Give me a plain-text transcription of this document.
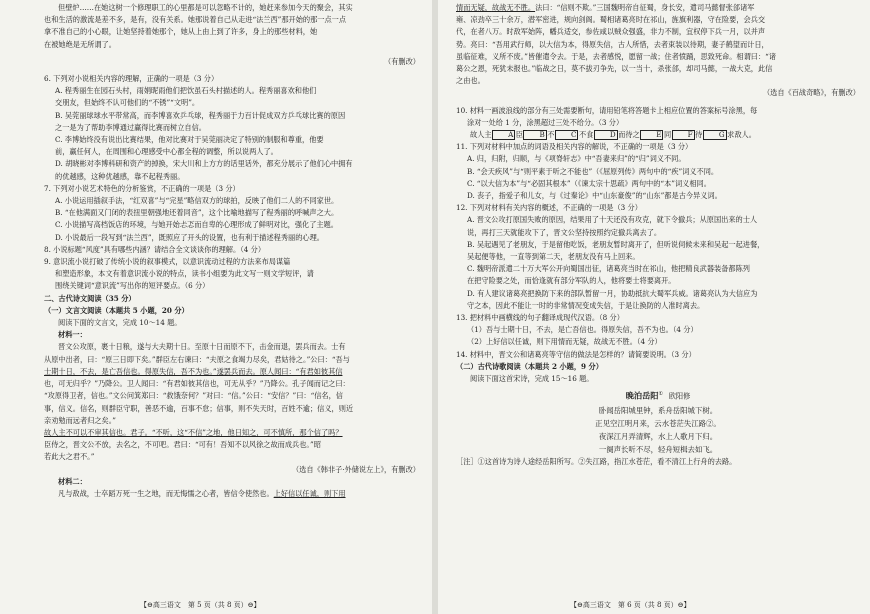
但壁炉……在她这树一个修理职工的心里都是可以忽略不计的，她赶来参加今天的聚会，其实

也和生活的激流是差不多，是有，没有关系。她那说着自己从走进“法兰西”那开始的那一点一点

拿不准自己的小心眼，让她坚持着她那个，她从上由上到了许多，身上的那些材料，她

在被她绝是无所谓了。

（有删改）

6. 下列对小说相关内容的理解，正确的一项是（3 分）

A. 程秀丽生在园石头村，雨娟昵雨他们把饮虽石头村描述的人。程秀丽喜欢和他们

交朋友，但始终不认可他们的“不锈”“文明”。

B. 吴莞丽球球水平带常高，而李博喜欢乒乓球，程秀丽于力百计促成双方乒乓球比赛的原因

之一是为了帮助李博通过赢得比赛而树立自信。

C. 李博始终没有说出比赛结果，他对比赛对于吴莞丽决定了特别的制服和尊重，他要

前，赢任何人，在周围和心理感受中心都全程的调整，所以说两人了。

D. 胡晓彬对李博科研和资产的掉换，宋大川和上方方的话里话外，都充分展示了他们心中拥有

的优越感，这种优越感，靠不起程秀丽。

7. 下列对小说艺术特色的分析鉴赏，不正确的一项是（3 分）

A. 小说运用插叙手法，“红双喜”与“完星”略信双方的球拍，反映了他们二人的不同家世。

B. “在他满面又门闭的表扭里朝强地还着同音”，这个比喻地描写了程秀丽的呼喊声之大。

C. 小说描写高档饭店的环境，与她开始忐忑而自卑的心理形成了鲜明对比，强化了主题。

D. 小说最后一段写到“法兰西”，既照应了开头的设置，也有利于描述程秀丽的心理。

8. 小说标题“风度”具有哪些内涵？请结合全文谈谈你的理解。（4 分）

9. 意识流小说打破了传统小说的叙事模式，以意识流动过程的方法来布局谋篇

和塑造形象，本文有着意识流小说的特点，读书小组要为此文写一则文学短评，请

围绕关键词“意识流”写出你的短评要点。（6 分）

二、古代诗文阅读（35 分）

（一）文言文阅读（本题共 5 小题，20 分）

阅读下面的文言文，完成 10～14 题。

材料一：

晋文公攻原，裹十日粮，遂与大夫期十日。至原十日而原不下，击金而退，罢兵而去。士有

从原中出者，曰：“原三日即下矣。”群臣左右谏曰：“夫原之食竭力尽矣，君姑待之。”公曰：“吾与

士期十日，不去，是亡吾信也。得原失信，吾不为也。”遂罢兵而去。原人闻曰：“有君如彼其信

也，可无归乎？”乃降公。卫人闻曰：“有君如彼其信也，可无从乎？”乃降公。孔子闻而记之曰：

“攻原得卫者，信也。”文公问箕郑曰：“救饿奈何？”对曰：“信。”公曰：“安信？”曰：“信名，信

事，信义。信名，则群臣守职，善恶不逾，百事不怠；信事，则不失天时，百姓不逾；信义，则近

亲劝勉而远者归之矣。”

故人主不可以不审其信也。君子。“不听，这“不信”之地，他日知之，可不慎所，那个信了吗？

臣侍之，晋文公不放，去名之，不可吧。君曰：“可有！吾知不以风徐之故而成兵也。”昭

若此大之君不。”

（选自《韩非子·外储说左上》，有删改）

材料二：

凡与敌战，士卒蹈万死一生之地，而无悔懦之心者，皆信令使然也。上好信以任诚，则下用

【⊖高三语文　第 5 页（共 8 页）⊖】

情而无疑，故战无不胜。法曰：“信则不欺。”三国魏明帝自征蜀，身长安，遣司马懿督张郃诸军

雍、凉劲卒三十余万，潜军密进，规向剑阁。蜀相诸葛亮时在祁山，旌旗利器，守在险要，会兵交

代，在者八万。时敌军始阵，幡兵适交，参佐咸以贼众强盛，非力不制，宜权停下兵一月，以并声

势。亮曰：“吾用武行师，以大信为本，得原失信，古人所惜，去者束装以待期，妻子鹤望而计日，

虽临征难，义所不废。”皆催遣令去。于是，去者感悦，愿留一战；住者愤踊，思致死命。相谓曰：“诸

葛公之恩，死犹未报也。”临战之日，莫不拔刃争先，以一当十，杀张郃，却司马懿，一战大克，此信

之由也。

（选自《百战奇略》，有删改）

10. 材料一画波浪线的部分有三处需要断句，请用铅笔将答题卡上相应位置的答案标号涂黑，每

涂对一处给 1 分，涂黑超过三处不给分。（3 分）

故人主 A 臣 B 不 C 不食 D 而待之 E 同 F 待 G 求敌人。

11. 下列对材料中加点的词语及相关内容的解说，不正确的一项是（3 分）

A. 归，归附，归顺，与《项脊轩志》中“吾妻来归”的“归”词义不同。

B. “会天疾风”与“则平素于听之不能也”（《屈原列传》两句中的“疾”词义不同。

C. “以大信为本”与“必固其根本”（《谏太宗十思疏》两句中的“本”词义相同。

D. 丧子，指爱子和儿女，与《过秦论》中“山东豪俊”的“山东”都是古今异义词。

12. 下列对材料有关内容的概述，不正确的一项是（3 分）

A. 晋文公攻打原国失败的原因，结果用了十天还没有攻克，就下令撤兵；从原国出来的士人

说，再打三天就能攻下了，晋文公坚持按照约定撤兵离去了。

B. 吴起遇见了老朋友，于是留他吃饭，老朋友暂时离开了，但听说伺候未来和吴起一起进餐，

吴起便等他，一直等到第二天，老朋友没有马上回来。

C. 魏明帝派遣二十万大军公开向蜀国出征，诸葛亮当时在祁山，他把精良武器装备都陈列

在把守险要之处，而恰逢就有部分军队的人，他将要士将要离开。

D. 有人建议诸葛亮把换防下来的部队暂留一月，协助抵抗大蜀军兵威。诸葛亮认为大信应为

守之本，因此不能让一时的非常情况变成失信，于是让换防的人准时离去。

13. 把材料中画横线的句子翻译成现代汉语。（8 分）

（1）吾与士期十日，不去，是亡吾信也。得原失信，吾不为也。（4 分）

（2）上好信以任诚，则下用情而无疑，故战无不胜。（4 分）

14. 材料中，晋文公和诸葛亮等守信的做法是怎样的？请简要说明。（3 分）

（二）古代诗歌阅读（本题共 2 小题，9 分）

阅读下面这首宋诗，完成 15～16 题。

晚泊岳阳① 欧阳修

卧闻岳阳城里钟，系舟岳阳城下树。

正见空江明月来，云水苍茫失江路②。

夜深江月弄清辉，水上人歌月下归。

一阕声长听不尽，轻舟短楫去如飞。

［注］①这首诗为诗人途经岳阳所写。②失江路，指江水苍茫，看不清江上行舟的去路。

【⊖高三语文　第 6 页（共 8 页）⊖】
